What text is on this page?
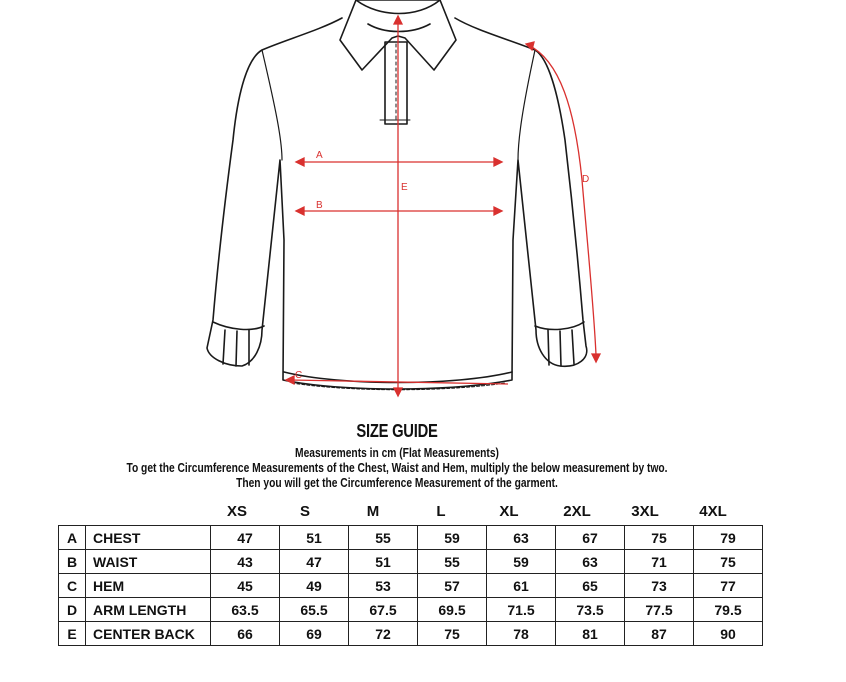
A
B
C
D
E
SIZE GUIDE
Measurements in cm (Flat Measurements)
To get the Circumference Measurements of the Chest, Waist and Hem, multiply the below measurement by two.
Then you will get the Circumference Measurement of the garment.
XS	S	M	L	XL	2XL	3XL	4XL
A	CHEST	47	51	55	59	63	67	75	79
B	WAIST	43	47	51	55	59	63	71	75
C	HEM	45	49	53	57	61	65	73	77
D	ARM LENGTH	63.5	65.5	67.5	69.5	71.5	73.5	77.5	79.5
E	CENTER BACK	66	69	72	75	78	81	87	90
